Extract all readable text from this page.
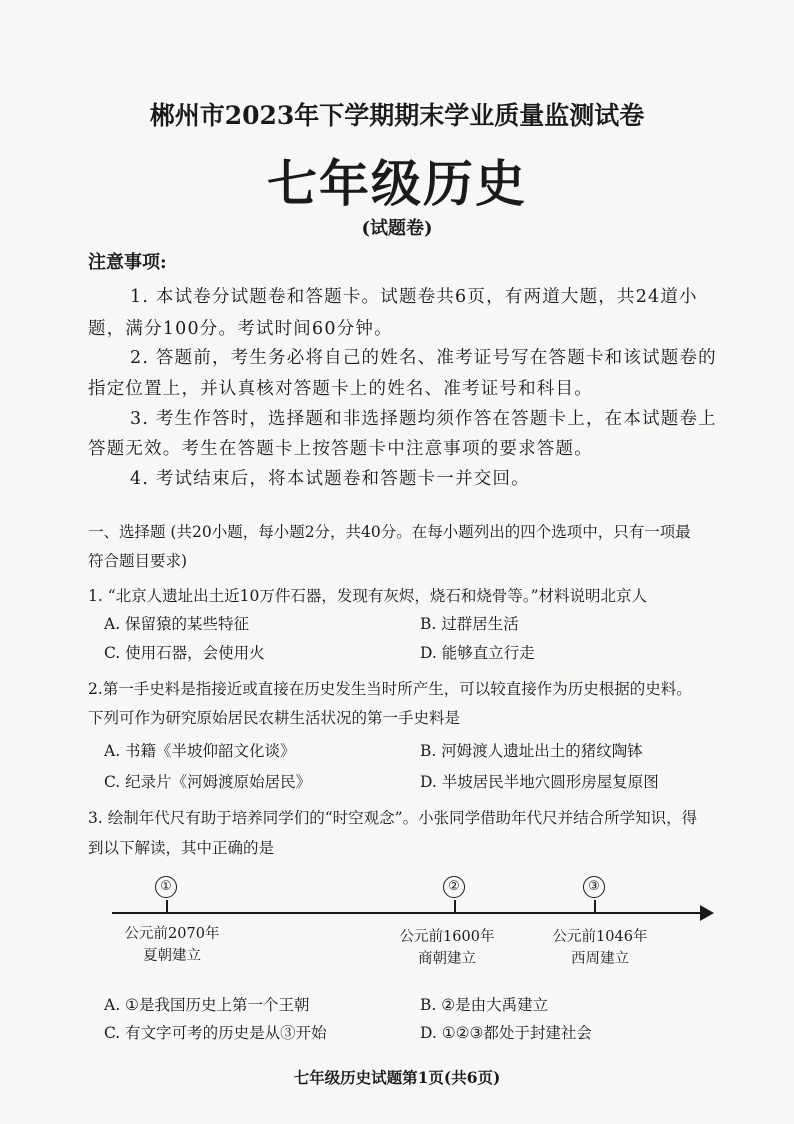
郴州市2023年下学期期末学业质量监测试卷
七年级历史
(试题卷)
注意事项:
1. 本试卷分试题卷和答题卡。试题卷共6页，有两道大题，共24道小
题，满分100分。考试时间60分钟。
2. 答题前，考生务必将自己的姓名、准考证号写在答题卡和该试题卷的
指定位置上，并认真核对答题卡上的姓名、准考证号和科目。
3. 考生作答时，选择题和非选择题均须作答在答题卡上，在本试题卷上
答题无效。考生在答题卡上按答题卡中注意事项的要求答题。
4. 考试结束后，将本试题卷和答题卡一并交回。
一、选择题 (共20小题，每小题2分，共40分。在每小题列出的四个选项中，只有一项最
符合题目要求)
1. “北京人遗址出土近10万件石器，发现有灰烬，烧石和烧骨等。”材料说明北京人
A. 保留猿的某些特征	B. 过群居生活
C. 使用石器，会使用火	D. 能够直立行走
2.第一手史料是指接近或直接在历史发生当时所产生，可以较直接作为历史根据的史料。
下列可作为研究原始居民农耕生活状况的第一手史料是
A. 书籍《半坡仰韶文化谈》	B. 河姆渡人遗址出土的猪纹陶钵
C. 纪录片《河姆渡原始居民》	D. 半坡居民半地穴圆形房屋复原图
3. 绘制年代尺有助于培养同学们的“时空观念”。小张同学借助年代尺并结合所学知识，得
到以下解读，其中正确的是
①	②	③
公元前2070年
夏朝建立
公元前1600年
商朝建立
公元前1046年
西周建立
A. ①是我国历史上第一个王朝	B. ②是由大禹建立
C. 有文字可考的历史是从③开始	D. ①②③都处于封建社会
七年级历史试题第1页(共6页)
